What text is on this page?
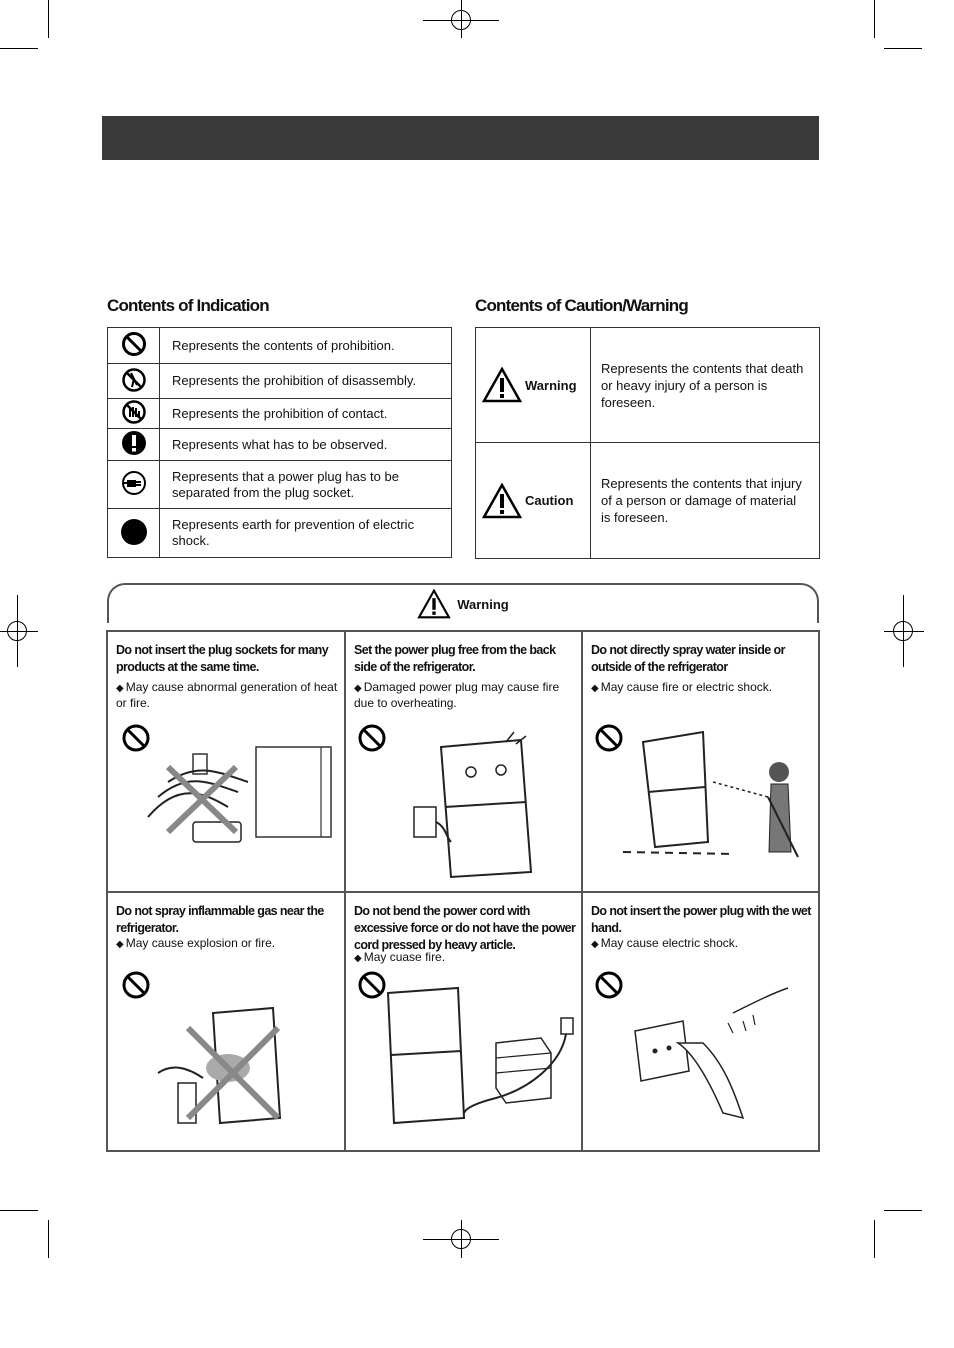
Contents of Indication
	Represents the contents of prohibition.
	Represents the prohibition of disassembly.
	Represents the prohibition of contact.
	Represents what has to be observed.
	Represents that a power plug has to be separated from the plug socket.
	Represents earth for prevention of electric shock.
Contents of Caution/Warning
Warning	Represents the contents that death or heavy injury of a person is foreseen.

Caution	Represents the contents that injury of a person or damage of material is foreseen.
Warning
Do not insert the plug sockets for many products at the same time.
◆ May cause abnormal generation of heat or fire.
Set the power plug free from the back side of the refrigerator.
◆ Damaged power plug may cause fire due to overheating.
Do not directly spray water inside or outside of the refrigerator
◆ May cause fire or electric shock.
Do not spray inflammable gas near the refrigerator.
◆ May cause explosion or fire.
Do not bend the power cord with excessive force or do not have the power cord pressed by heavy article.
◆ May cuase fire.
Do not insert the power plug with the wet hand.
◆ May cause electric shock.
